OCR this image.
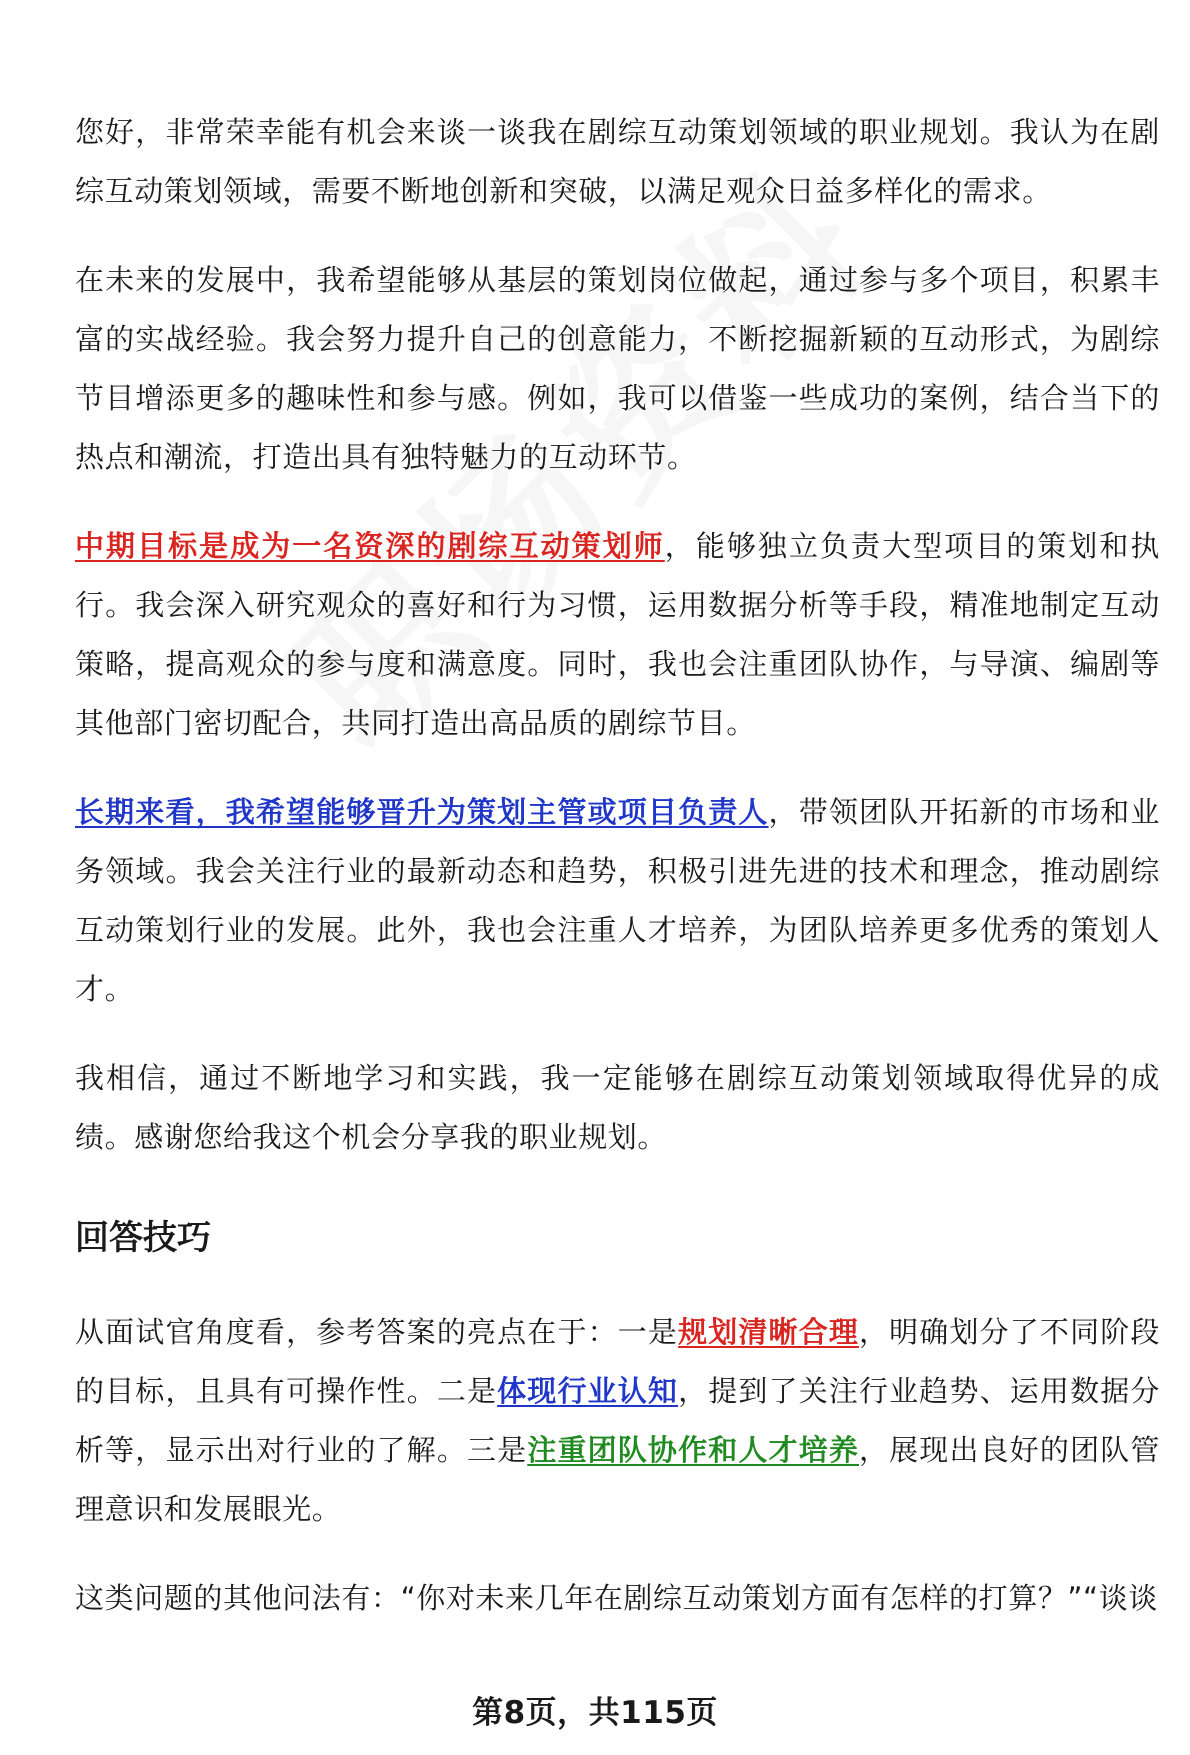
您好，非常荣幸能有机会来谈一谈我在剧综互动策划领域的职业规划。我认为在剧综互动策划领域，需要不断地创新和突破，以满足观众日益多样化的需求。

在未来的发展中，我希望能够从基层的策划岗位做起，通过参与多个项目，积累丰富的实战经验。我会努力提升自己的创意能力，不断挖掘新颖的互动形式，为剧综节目增添更多的趣味性和参与感。例如，我可以借鉴一些成功的案例，结合当下的热点和潮流，打造出具有独特魅力的互动环节。

中期目标是成为一名资深的剧综互动策划师，能够独立负责大型项目的策划和执行。我会深入研究观众的喜好和行为习惯，运用数据分析等手段，精准地制定互动策略，提高观众的参与度和满意度。同时，我也会注重团队协作，与导演、编剧等其他部门密切配合，共同打造出高品质的剧综节目。

长期来看，我希望能够晋升为策划主管或项目负责人，带领团队开拓新的市场和业务领域。我会关注行业的最新动态和趋势，积极引进先进的技术和理念，推动剧综互动策划行业的发展。此外，我也会注重人才培养，为团队培养更多优秀的策划人才。

我相信，通过不断地学习和实践，我一定能够在剧综互动策划领域取得优异的成绩。感谢您给我这个机会分享我的职业规划。

回答技巧

从面试官角度看，参考答案的亮点在于：一是规划清晰合理，明确划分了不同阶段的目标，且具有可操作性。二是体现行业认知，提到了关注行业趋势、运用数据分析等，显示出对行业的了解。三是注重团队协作和人才培养，展现出良好的团队管理意识和发展眼光。

这类问题的其他问法有：“你对未来几年在剧综互动策划方面有怎样的打算？”“谈谈

第8页，共115页
